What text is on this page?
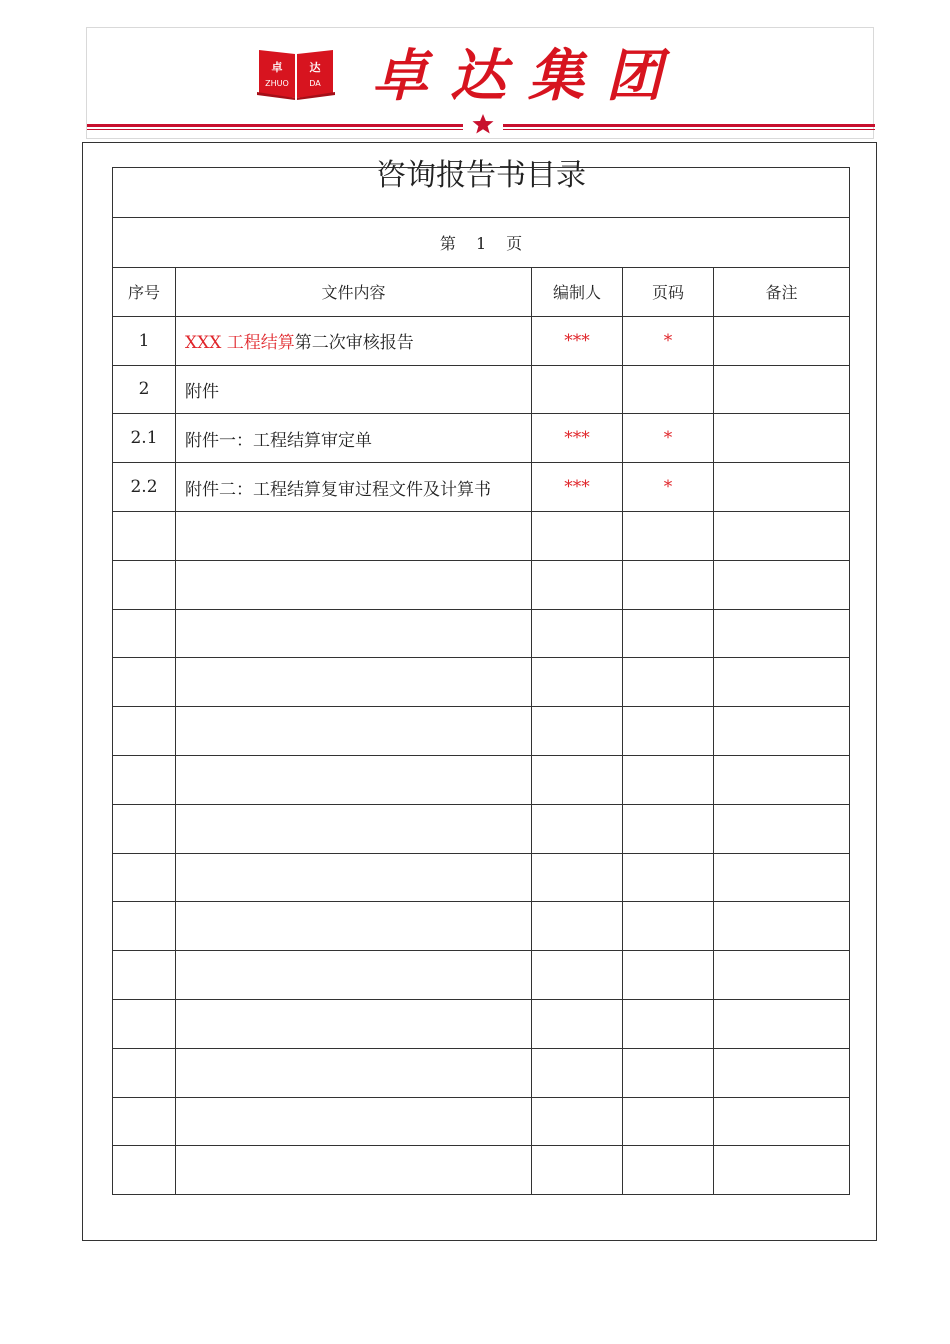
卓 达
ZHUO	DA 卓达集团
咨询报告书目录				
第 1 页				
序号	文件内容	编制人	页码	备注
1	XXX 工程结算第二次审核报告	***	*	
2	附件			
2.1	附件一：工程结算审定单	***	*	
2.2	附件二：工程结算复审过程文件及计算书	***	*	
